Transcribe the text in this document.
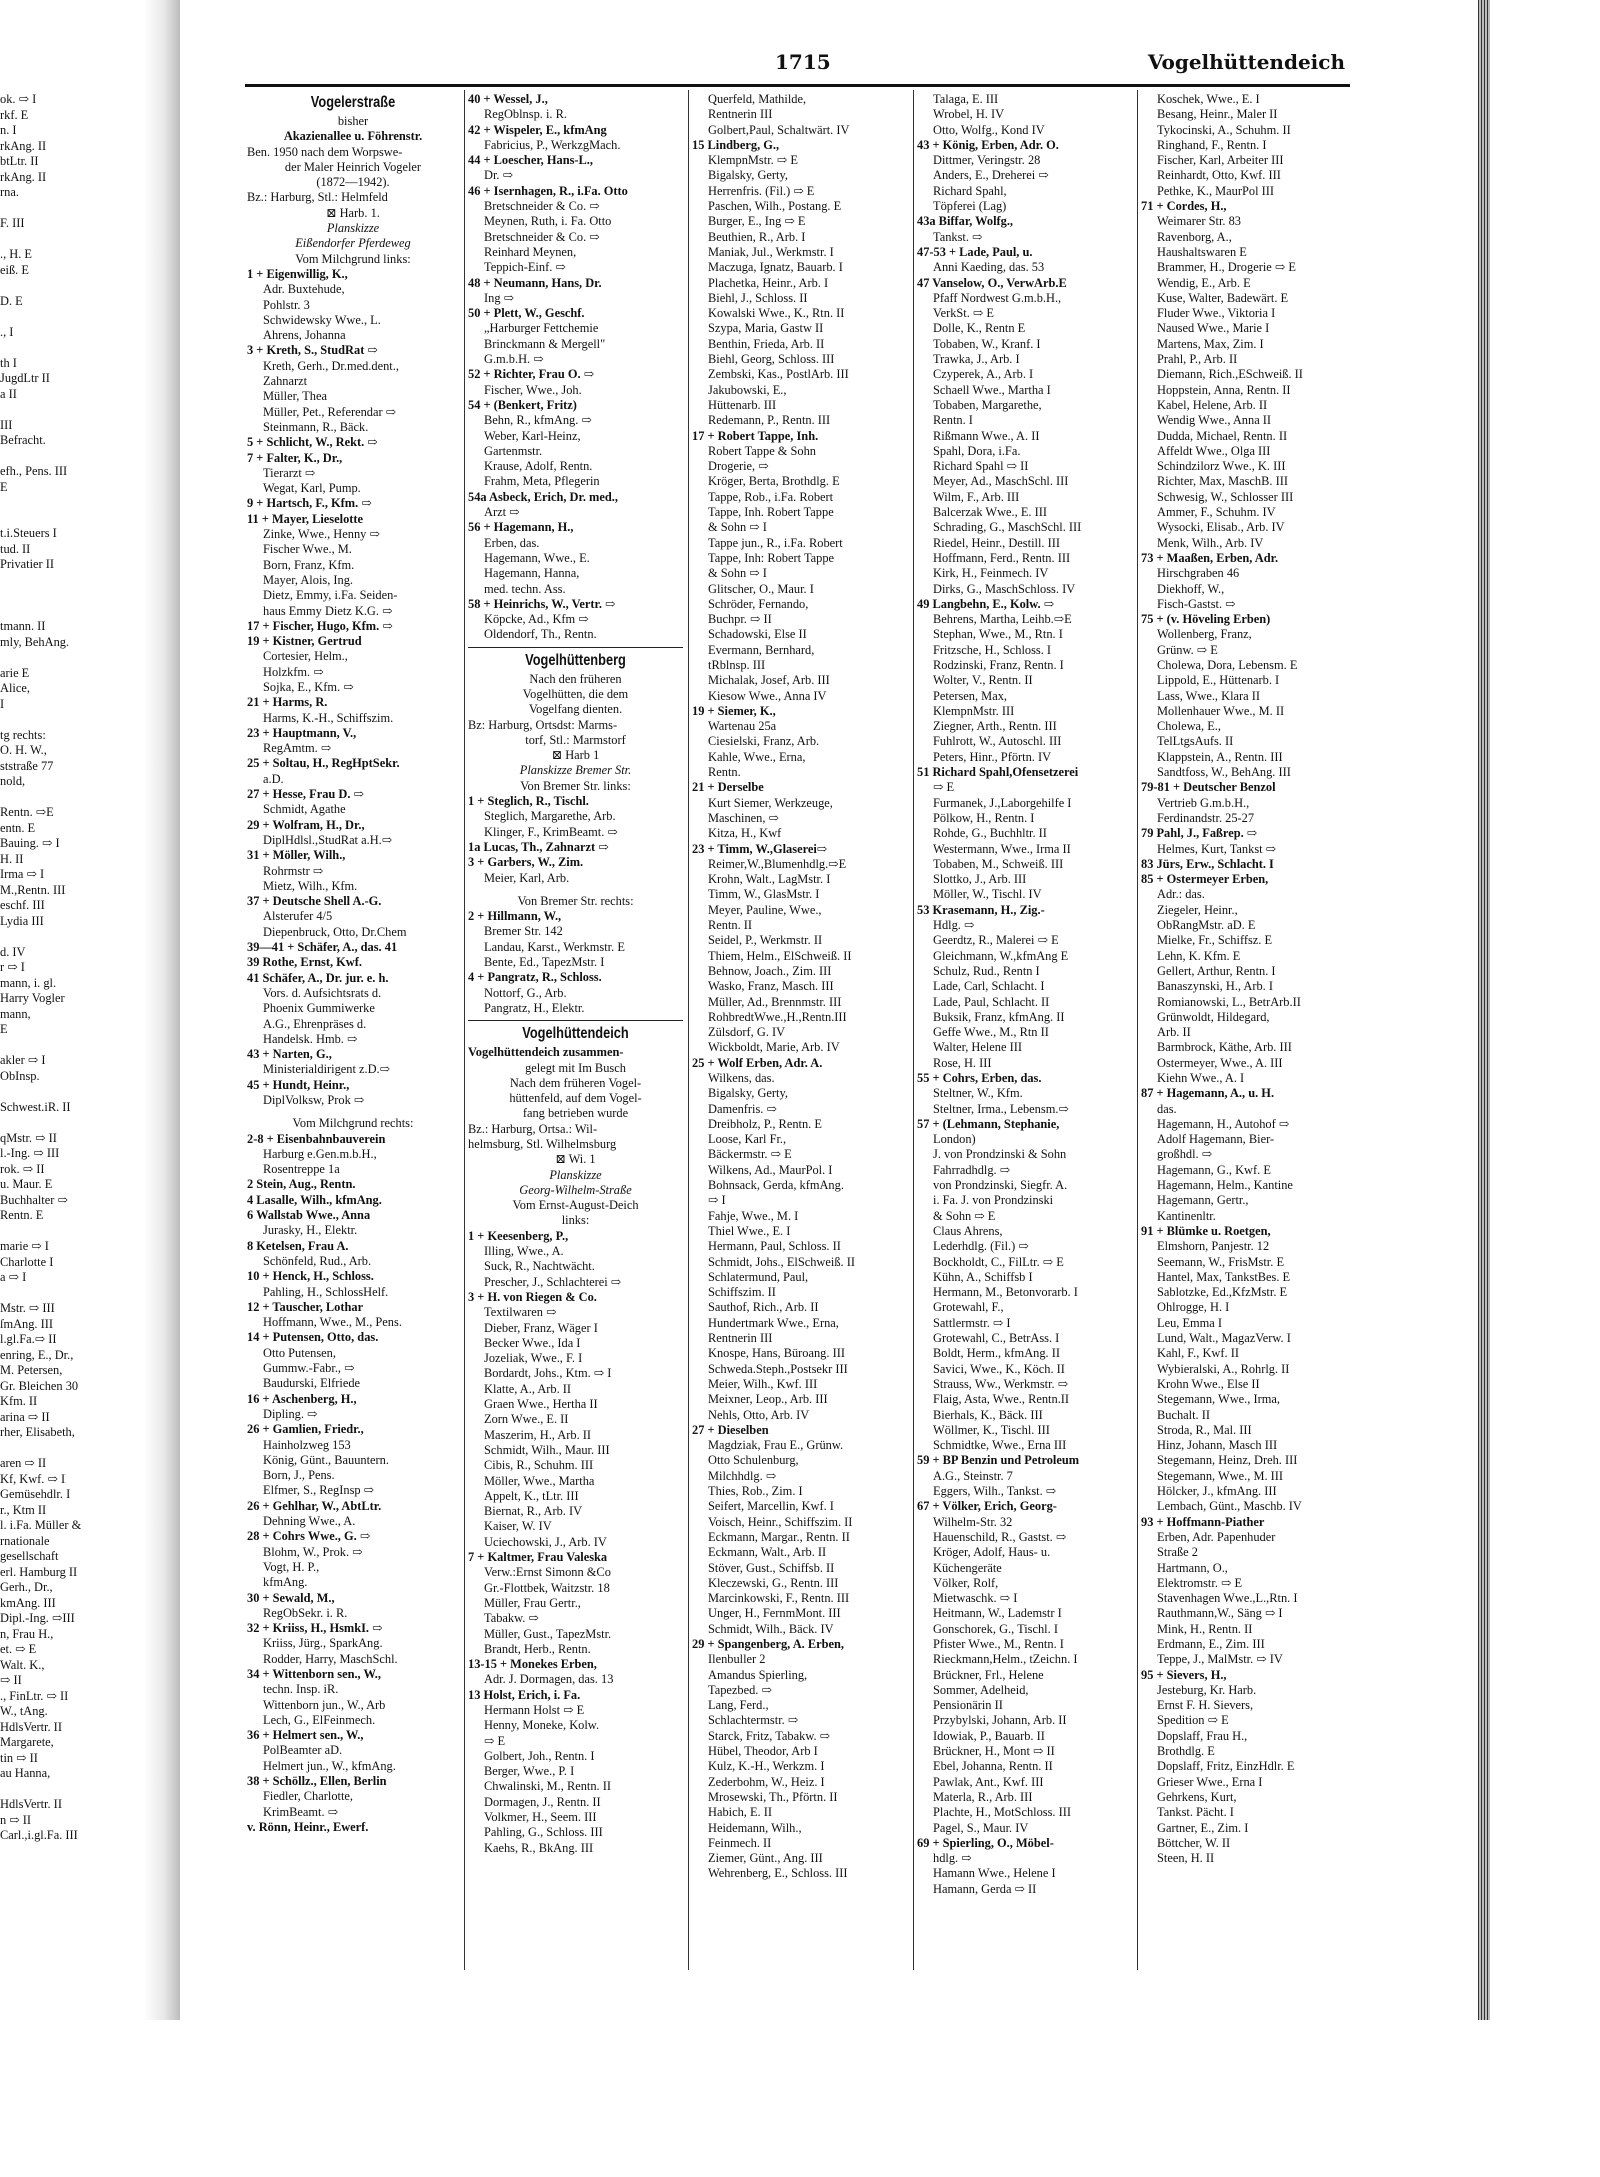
ok. ⇨ I
rkf. E
n. I
rkAng. II
btLtr. II
rkAng. II
rna.

F. III

., H. E
eiß. E

D. E

., I

th I
JugdLtr II
a II

III
Befracht.

efh., Pens. III
E

t.i.Steuers I
tud. II
Privatier II

tmann. II
mly, BehAng.

arie E
Alice,
I

tg rechts:
O. H. W.,
ststraße 77
nold,

Rentn. ⇨E
entn. E
Bauing. ⇨ I
H. II
Irma ⇨ I
M.,Rentn. III
eschf. III
Lydia III

d. IV
r ⇨ I
mann, i. gl.
Harry Vogler
mann,
E

akler ⇨ I
ObInsp.

Schwest.iR. II

qMstr. ⇨ II
l.-Ing. ⇨ III
rok. ⇨ II
u. Maur. E
Buchhalter ⇨
Rentn. E

marie ⇨ I
Charlotte I
a ⇨ I

Mstr. ⇨ III
ſmAng. III
l.gl.Fa.⇨ II
enring, E., Dr.,
M. Petersen,
Gr. Bleichen 30
Kfm. II
arina ⇨ II
rher, Elisabeth,

aren ⇨ II
Kf, Kwf. ⇨ I
Gemüsehdlr. I
r., Ktm II
l. i.Fa. Müller &
rnationale
gesellschaft
erl. Hamburg II
Gerh., Dr.,
kmAng. III
Dipl.-Ing. ⇨III
n, Frau H.,
et. ⇨ E
Walt. K.,
⇨ II
., FinLtr. ⇨ II
W., tAng.
HdlsVertr. II
Margarete,
tin ⇨ II
au Hanna,

HdlsVertr. II
n ⇨ II
Carl.,i.gl.Fa. III
1715	Vogelhüttendeich
Vogelerstraße
bisher
Akazienallee u. Föhrenstr.
Ben. 1950 nach dem Worpswe-
der Maler Heinrich Vogeler
(1872—1942).
Bz.: Harburg, Stl.: Helmfeld
⊠ Harb. 1.
Planskizze
Eißendorfer Pferdeweg
Vom Milchgrund links:
1 + Eigenwillig, K.,
Adr. Buxtehude,
Pohlstr. 3
Schwidewsky Wwe., L.
Ahrens, Johanna
3 + Kreth, S., StudRat ⇨
Kreth, Gerh., Dr.med.dent.,
Zahnarzt
Müller, Thea
Müller, Pet., Referendar ⇨
Steinmann, R., Bäck.
5 + Schlicht, W., Rekt. ⇨
7 + Falter, K., Dr.,
Tierarzt ⇨
Wegat, Karl, Pump.
9 + Hartsch, F., Kfm. ⇨
11 + Mayer, Lieselotte
Zinke, Wwe., Henny ⇨
Fischer Wwe., M.
Born, Franz, Kfm.
Mayer, Alois, Ing.
Dietz, Emmy, i.Fa. Seiden-
haus Emmy Dietz K.G. ⇨
17 + Fischer, Hugo, Kfm. ⇨
19 + Kistner, Gertrud
Cortesier, Helm.,
Holzkfm. ⇨
Sojka, E., Kfm. ⇨
21 + Harms, R.
Harms, K.-H., Schiffszim.
23 + Hauptmann, V.,
RegAmtm. ⇨
25 + Soltau, H., RegHptSekr.
a.D.
27 + Hesse, Frau D. ⇨
Schmidt, Agathe
29 + Wolfram, H., Dr.,
DiplHdlsl.,StudRat a.H.⇨
31 + Möller, Wilh.,
Rohrmstr ⇨
Mietz, Wilh., Kfm.
37 + Deutsche Shell A.-G.
Alsterufer 4/5
Diepenbruck, Otto, Dr.Chem
39—41 + Schäfer, A., das. 41
39 Rothe, Ernst, Kwf.
41 Schäfer, A., Dr. jur. e. h.
Vors. d. Aufsichtsrats d.
Phoenix Gummiwerke
A.G., Ehrenpräses d.
Handelsk. Hmb. ⇨
43 + Narten, G.,
Ministerialdirigent z.D.⇨
45 + Hundt, Heinr.,
DiplVolksw, Prok ⇨
Vom Milchgrund rechts:
2-8 + Eisenbahnbauverein
Harburg e.Gen.m.b.H.,
Rosentreppe 1a
2 Stein, Aug., Rentn.
4 Lasalle, Wilh., kfmAng.
6 Wallstab Wwe., Anna
Jurasky, H., Elektr.
8 Ketelsen, Frau A.
Schönfeld, Rud., Arb.
10 + Henck, H., Schloss.
Pahling, H., SchlossHelf.
12 + Tauscher, Lothar
Hoffmann, Wwe., M., Pens.
14 + Putensen, Otto, das.
Otto Putensen,
Gummw.-Fabr., ⇨
Baudurski, Elfriede
16 + Aschenberg, H.,
Dipling. ⇨
26 + Gamlien, Friedr.,
Hainholzweg 153
König, Günt., Bauuntern.
Born, J., Pens.
Elfmer, S., RegInsp ⇨
26 + Gehlhar, W., AbtLtr.
Dehning Wwe., A.
28 + Cohrs Wwe., G. ⇨
Blohm, W., Prok. ⇨
Vogt, H. P.,
kfmAng.
30 + Sewald, M.,
RegObSekr. i. R.
32 + Kriiss, H., HsmkI. ⇨
Kriiss, Jürg., SparkAng.
Rodder, Harry, MaschSchl.
34 + Wittenborn sen., W.,
techn. Insp. iR.
Wittenborn jun., W., Arb
Lech, G., ElFeinmech.
36 + Helmert sen., W.,
PolBeamter aD.
Helmert jun., W., kfmAng.
38 + Schöllz., Ellen, Berlin
Fiedler, Charlotte,
KrimBeamt. ⇨
v. Rönn, Heinr., Ewerf.
40 + Wessel, J.,
RegOblnsp. i. R.
42 + Wispeler, E., kfmAng
Fabricius, P., WerkzgMach.
44 + Loescher, Hans-L.,
Dr. ⇨
46 + Isernhagen, R., i.Fa. Otto
Bretschneider & Co. ⇨
Meynen, Ruth, i. Fa. Otto
Bretschneider & Co. ⇨
Reinhard Meynen,
Teppich-Einf. ⇨
48 + Neumann, Hans, Dr.
Ing ⇨
50 + Plett, W., Geschf.
„Harburger Fettchemie
Brinckmann & Mergell"
G.m.b.H. ⇨
52 + Richter, Frau O. ⇨
Fischer, Wwe., Joh.
54 + (Benkert, Fritz)
Behn, R., kfmAng. ⇨
Weber, Karl-Heinz,
Gartenmstr.
Krause, Adolf, Rentn.
Frahm, Meta, Pflegerin
54a Asbeck, Erich, Dr. med.,
Arzt ⇨
56 + Hagemann, H.,
Erben, das.
Hagemann, Wwe., E.
Hagemann, Hanna,
med. techn. Ass.
58 + Heinrichs, W., Vertr. ⇨
Köpcke, Ad., Kfm ⇨
Oldendorf, Th., Rentn.
Vogelhüttenberg
Nach den früheren
Vogelhütten, die dem
Vogelfang dienten.
Bz: Harburg, Ortsdst: Marms-
torf, Stl.: Marmstorf
⊠ Harb 1
Planskizze Bremer Str.
Von Bremer Str. links:
1 + Steglich, R., Tischl.
Steglich, Margarethe, Arb.
Klinger, F., KrimBeamt. ⇨
1a Lucas, Th., Zahnarzt ⇨
3 + Garbers, W., Zim.
Meier, Karl, Arb.
Von Bremer Str. rechts:
2 + Hillmann, W.,
Bremer Str. 142
Landau, Karst., Werkmstr. E
Bente, Ed., TapezMstr. I
4 + Pangratz, R., Schloss.
Nottorf, G., Arb.
Pangratz, H., Elektr.
Vogelhüttendeich
Vogelhüttendeich zusammen-
gelegt mit Im Busch
Nach dem früheren Vogel-
hüttenfeld, auf dem Vogel-
fang betrieben wurde
Bz.: Harburg, Ortsa.: Wil-
helmsburg, Stl. Wilhelmsburg
⊠ Wi. 1
Planskizze
Georg-Wilhelm-Straße
Vom Ernst-August-Deich
links:
1 + Keesenberg, P.,
Illing, Wwe., A.
Suck, R., Nachtwächt.
Prescher, J., Schlachterei ⇨
3 + H. von Riegen & Co.
Textilwaren ⇨
Dieber, Franz, Wäger I
Becker Wwe., Ida I
Jozeliak, Wwe., F. I
Bordardt, Johs., Ktm. ⇨ I
Klatte, A., Arb. II
Graen Wwe., Hertha II
Zorn Wwe., E. II
Maszerim, H., Arb. II
Schmidt, Wilh., Maur. III
Cibis, R., Schuhm. III
Möller, Wwe., Martha
Appelt, K., tLtr. III
Biernat, R., Arb. IV
Kaiser, W. IV
Uciechowski, J., Arb. IV
7 + Kaltmer, Frau Valeska
Verw.:Ernst Simonn &Co
Gr.-Flottbek, Waitzstr. 18
Müller, Frau Gertr.,
Tabakw. ⇨
Müller, Gust., TapezMstr.
Brandt, Herb., Rentn.
13-15 + Monekes Erben,
Adr. J. Dormagen, das. 13
13 Holst, Erich, i. Fa.
Hermann Holst ⇨ E
Henny, Moneke, Kolw.
⇨ E
Golbert, Joh., Rentn. I
Berger, Wwe., P. I
Chwalinski, M., Rentn. II
Dormagen, J., Rentn. II
Volkmer, H., Seem. III
Pahling, G., Schloss. III
Kaehs, R., BkAng. III
Querfeld, Mathilde,
Rentnerin III
Golbert,Paul, Schaltwärt. IV
15 Lindberg, G.,
KlempnMstr. ⇨ E
Bigalsky, Gerty,
Herrenfris. (Fil.) ⇨ E
Paschen, Wilh., Postang. E
Burger, E., Ing ⇨ E
Beuthien, R., Arb. I
Maniak, Jul., Werkmstr. I
Maczuga, Ignatz, Bauarb. I
Plachetka, Heinr., Arb. I
Biehl, J., Schloss. II
Kowalski Wwe., K., Rtn. II
Szypa, Maria, Gastw II
Benthin, Frieda, Arb. II
Biehl, Georg, Schloss. III
Zembski, Kas., PostlArb. III
Jakubowski, E.,
Hüttenarb. III
Redemann, P., Rentn. III
17 + Robert Tappe, Inh.
Robert Tappe & Sohn
Drogerie, ⇨
Kröger, Berta, Brothdlg. E
Tappe, Rob., i.Fa. Robert
Tappe, Inh. Robert Tappe
& Sohn ⇨ I
Tappe jun., R., i.Fa. Robert
Tappe, Inh: Robert Tappe
& Sohn ⇨ I
Glitscher, O., Maur. I
Schröder, Fernando,
Buchpr. ⇨ II
Schadowski, Else II
Evermann, Bernhard,
tRblnsp. III
Michalak, Josef, Arb. III
Kiesow Wwe., Anna IV
19 + Siemer, K.,
Wartenau 25a
Ciesielski, Franz, Arb.
Kahle, Wwe., Erna,
Rentn.
21 + Derselbe
Kurt Siemer, Werkzeuge,
Maschinen, ⇨
Kitza, H., Kwf
23 + Timm, W.,Glaserei⇨
Reimer,W.,Blumenhdlg.⇨E
Krohn, Walt., LagMstr. I
Timm, W., GlasMstr. I
Meyer, Pauline, Wwe.,
Rentn. II
Seidel, P., Werkmstr. II
Thiem, Helm., ElSchweiß. II
Behnow, Joach., Zim. III
Wasko, Franz, Masch. III
Müller, Ad., Brennmstr. III
RohbredtWwe.,H.,Rentn.III
Zülsdorf, G. IV
Wickboldt, Marie, Arb. IV
25 + Wolf Erben, Adr. A.
Wilkens, das.
Bigalsky, Gerty,
Damenfris. ⇨
Dreibholz, P., Rentn. E
Loose, Karl Fr.,
Bäckermstr. ⇨ E
Wilkens, Ad., MaurPol. I
Bohnsack, Gerda, kfmAng.
⇨ I
Fahje, Wwe., M. I
Thiel Wwe., E. I
Hermann, Paul, Schloss. II
Schmidt, Johs., ElSchweiß. II
Schlatermund, Paul,
Schiffszim. II
Sauthof, Rich., Arb. II
Hundertmark Wwe., Erna,
Rentnerin III
Knospe, Hans, Büroang. III
Schweda.Steph.,Postsekr III
Meier, Wilh., Kwf. III
Meixner, Leop., Arb. III
Nehls, Otto, Arb. IV
27 + Dieselben
Magdziak, Frau E., Grünw.
Otto Schulenburg,
Milchhdlg. ⇨
Thies, Rob., Zim. I
Seifert, Marcellin, Kwf. I
Voisch, Heinr., Schiffszim. II
Eckmann, Margar., Rentn. II
Eckmann, Walt., Arb. II
Stöver, Gust., Schiffsb. II
Kleczewski, G., Rentn. III
Marcinkowski, F., Rentn. III
Unger, H., FernmMont. III
Schmidt, Wilh., Bäck. IV
29 + Spangenberg, A. Erben,
Ilenbuller 2
Amandus Spierling,
Tapezbed. ⇨
Lang, Ferd.,
Schlachtermstr. ⇨
Starck, Fritz, Tabakw. ⇨
Hübel, Theodor, Arb I
Kulz, K.-H., Werkzm. I
Zederbohm, W., Heiz. I
Mrosewski, Th., Pförtn. II
Habich, E. II
Heidemann, Wilh.,
Feinmech. II
Ziemer, Günt., Ang. III
Wehrenberg, E., Schloss. III
Talaga, E. III
Wrobel, H. IV
Otto, Wolfg., Kond IV
43 + König, Erben, Adr. O.
Dittmer, Veringstr. 28
Anders, E., Dreherei ⇨
Richard Spahl,
Töpferei (Lag)
43a Biffar, Wolfg.,
Tankst. ⇨
47-53 + Lade, Paul, u.
Anni Kaeding, das. 53
47 Vanselow, O., VerwArb.E
Pfaff Nordwest G.m.b.H.,
VerkSt. ⇨ E
Dolle, K., Rentn E
Tobaben, W., Kranf. I
Trawka, J., Arb. I
Czyperek, A., Arb. I
Schaell Wwe., Martha I
Tobaben, Margarethe,
Rentn. I
Rißmann Wwe., A. II
Spahl, Dora, i.Fa.
Richard Spahl ⇨ II
Meyer, Ad., MaschSchl. III
Wilm, F., Arb. III
Balcerzak Wwe., E. III
Schrading, G., MaschSchl. III
Riedel, Heinr., Destill. III
Hoffmann, Ferd., Rentn. III
Kirk, H., Feinmech. IV
Dirks, G., MaschSchloss. IV
49 Langbehn, E., Kolw. ⇨
Behrens, Martha, Leihb.⇨E
Stephan, Wwe., M., Rtn. I
Fritzsche, H., Schloss. I
Rodzinski, Franz, Rentn. I
Wolter, V., Rentn. II
Petersen, Max,
KlempnMstr. III
Ziegner, Arth., Rentn. III
Fuhlrott, W., Autoschl. III
Peters, Hinr., Pförtn. IV
51 Richard Spahl,Ofensetzerei
⇨ E
Furmanek, J.,Laborgehilfe I
Pölkow, H., Rentn. I
Rohde, G., Buchhltr. II
Westermann, Wwe., Irma II
Tobaben, M., Schweiß. III
Slottko, J., Arb. III
Möller, W., Tischl. IV
53 Krasemann, H., Zig.-
Hdlg. ⇨
Geerdtz, R., Malerei ⇨ E
Gleichmann, W.,kfmAng E
Schulz, Rud., Rentn I
Lade, Carl, Schlacht. I
Lade, Paul, Schlacht. II
Buksik, Franz, kfmAng. II
Geffe Wwe., M., Rtn II
Walter, Helene III
Rose, H. III
55 + Cohrs, Erben, das.
Steltner, W., Kfm.
Steltner, Irma., Lebensm.⇨
57 + (Lehmann, Stephanie,
London)
J. von Prondzinski & Sohn
Fahrradhdlg. ⇨
von Prondzinski, Siegfr. A.
i. Fa. J. von Prondzinski
& Sohn ⇨ E
Claus Ahrens,
Lederhdlg. (Fil.) ⇨
Bockholdt, C., FilLtr. ⇨ E
Kühn, A., Schiffsb I
Hermann, M., Betonvorarb. I
Grotewahl, F.,
Sattlermstr. ⇨ I
Grotewahl, C., BetrAss. I
Boldt, Herm., kfmAng. II
Savici, Wwe., K., Köch. II
Strauss, Ww., Werkmstr. ⇨
Flaig, Asta, Wwe., Rentn.II
Bierhals, K., Bäck. III
Wöllmer, K., Tischl. III
Schmidtke, Wwe., Erna III
59 + BP Benzin und Petroleum
A.G., Steinstr. 7
Eggers, Wilh., Tankst. ⇨
67 + Völker, Erich, Georg-
Wilhelm-Str. 32
Hauenschild, R., Gastst. ⇨
Kröger, Adolf, Haus- u.
Küchengeräte
Völker, Rolf,
Mietwaschk. ⇨ I
Heitmann, W., Lademstr I
Gonschorek, G., Tischl. I
Pfister Wwe., M., Rentn. I
Rieckmann,Helm., tZeichn. I
Brückner, Frl., Helene
Sommer, Adelheid,
Pensionärin II
Przybylski, Johann, Arb. II
Idowiak, P., Bauarb. II
Brückner, H., Mont ⇨ II
Ebel, Johanna, Rentn. II
Pawlak, Ant., Kwf. III
Materla, R., Arb. III
Plachte, H., MotSchloss. III
Pagel, S., Maur. IV
69 + Spierling, O., Möbel-
hdlg. ⇨
Hamann Wwe., Helene I
Hamann, Gerda ⇨ II
Koschek, Wwe., E. I
Besang, Heinr., Maler II
Tykocinski, A., Schuhm. II
Ringhand, F., Rentn. I
Fischer, Karl, Arbeiter III
Reinhardt, Otto, Kwf. III
Pethke, K., MaurPol III
71 + Cordes, H.,
Weimarer Str. 83
Ravenborg, A.,
Haushaltswaren E
Brammer, H., Drogerie ⇨ E
Wendig, E., Arb. E
Kuse, Walter, Badewärt. E
Fluder Wwe., Viktoria I
Naused Wwe., Marie I
Martens, Max, Zim. I
Prahl, P., Arb. II
Diemann, Rich.,ESchweiß. II
Hoppstein, Anna, Rentn. II
Kabel, Helene, Arb. II
Wendig Wwe., Anna II
Dudda, Michael, Rentn. II
Affeldt Wwe., Olga III
Schindzilorz Wwe., K. III
Richter, Max, MaschB. III
Schwesig, W., Schlosser III
Ammer, F., Schuhm. IV
Wysocki, Elisab., Arb. IV
Menk, Wilh., Arb. IV
73 + Maaßen, Erben, Adr.
Hirschgraben 46
Diekhoff, W.,
Fisch-Gastst. ⇨
75 + (v. Höveling Erben)
Wollenberg, Franz,
Grünw. ⇨ E
Cholewa, Dora, Lebensm. E
Lippold, E., Hüttenarb. I
Lass, Wwe., Klara II
Mollenhauer Wwe., M. II
Cholewa, E.,
TelLtgsAufs. II
Klappstein, A., Rentn. III
Sandtfoss, W., BehAng. III
79-81 + Deutscher Benzol
Vertrieb G.m.b.H.,
Ferdinandstr. 25-27
79 Pahl, J., Faßrep. ⇨
Helmes, Kurt, Tankst ⇨
83 Jürs, Erw., Schlacht. I
85 + Ostermeyer Erben,
Adr.: das.
Ziegeler, Heinr.,
ObRangMstr. aD. E
Mielke, Fr., Schiffsz. E
Lehn, K. Kfm. E
Gellert, Arthur, Rentn. I
Banaszynski, H., Arb. I
Romianowski, L., BetrArb.II
Grünwoldt, Hildegard,
Arb. II
Barmbrock, Käthe, Arb. III
Ostermeyer, Wwe., A. III
Kiehn Wwe., A. I
87 + Hagemann, A., u. H.
das.
Hagemann, H., Autohof ⇨
Adolf Hagemann, Bier-
großhdl. ⇨
Hagemann, G., Kwf. E
Hagemann, Helm., Kantine
Hagemann, Gertr.,
Kantinenltr.
91 + Blümke u. Roetgen,
Elmshorn, Panjestr. 12
Seemann, W., FrisMstr. E
Hantel, Max, TankstBes. E
Sablotzke, Ed.,KfzMstr. E
Ohlrogge, H. I
Leu, Emma I
Lund, Walt., MagazVerw. I
Kahl, F., Kwf. II
Wybieralski, A., Rohrlg. II
Krohn Wwe., Else II
Stegemann, Wwe., Irma,
Buchalt. II
Stroda, R., Mal. III
Hinz, Johann, Masch III
Stegemann, Heinz, Dreh. III
Stegemann, Wwe., M. III
Hölcker, J., kfmAng. III
Lembach, Günt., Maschb. IV
93 + Hoffmann-Piather
Erben, Adr. Papenhuder
Straße 2
Hartmann, O.,
Elektromstr. ⇨ E
Stavenhagen Wwe.,L.,Rtn. I
Rauthmann,W., Säng ⇨ I
Mink, H., Rentn. II
Erdmann, E., Zim. III
Teppe, J., MalMstr. ⇨ IV
95 + Sievers, H.,
Jesteburg, Kr. Harb.
Ernst F. H. Sievers,
Spedition ⇨ E
Dopslaff, Frau H.,
Brothdlg. E
Dopslaff, Fritz, EinzHdlr. E
Grieser Wwe., Erna I
Gehrkens, Kurt,
Tankst. Pächt. I
Gartner, E., Zim. I
Böttcher, W. II
Steen, H. II
